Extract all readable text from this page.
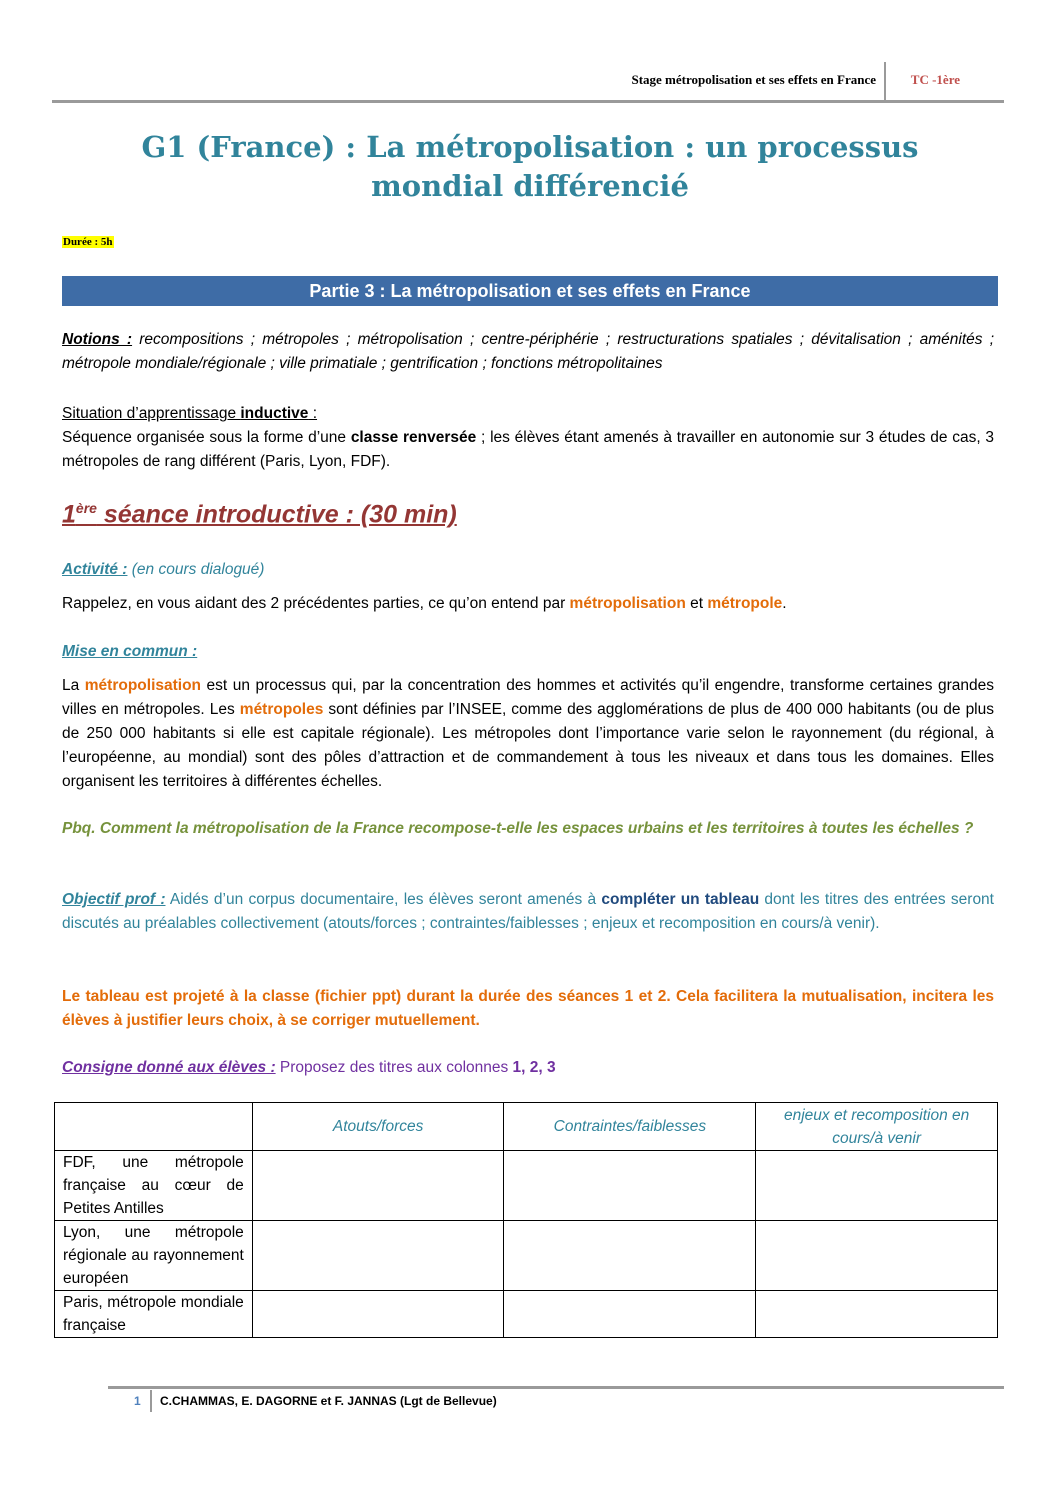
Stage métropolisation et ses effets en France	TC -1ère
G1 (France) : La métropolisation : un processus
mondial différencié
Durée : 5h
Partie 3 : La métropolisation et ses effets en France
Notions : recompositions ; métropoles ; métropolisation ; centre-périphérie ; restructurations spatiales ; dévitalisation ; aménités ; métropole mondiale/régionale ; ville primatiale ; gentrification ; fonctions métropolitaines
Situation d’apprentissage inductive :
Séquence organisée sous la forme d’une classe renversée ; les élèves étant amenés à travailler en autonomie sur 3 études de cas, 3 métropoles de rang différent (Paris, Lyon, FDF).
1ère séance introductive : (30 min)
Activité : (en cours dialogué)
Rappelez, en vous aidant des 2 précédentes parties, ce qu’on entend par métropolisation et métropole.
Mise en commun :
La métropolisation est un processus qui, par la concentration des hommes et activités qu’il engendre, transforme certaines grandes villes en métropoles. Les métropoles sont définies par l’INSEE, comme des agglomérations de plus de 400 000 habitants (ou de plus de 250 000 habitants si elle est capitale régionale). Les métropoles dont l’importance varie selon le rayonnement (du régional, à l’européenne, au mondial) sont des pôles d’attraction et de commandement à tous les niveaux et dans tous les domaines. Elles organisent les territoires à différentes échelles.
Pbq. Comment la métropolisation de la France recompose-t-elle les espaces urbains et les territoires à toutes les échelles ?
Objectif prof : Aidés d’un corpus documentaire, les élèves seront amenés à compléter un tableau dont les titres des entrées seront discutés au préalables collectivement (atouts/forces ; contraintes/faiblesses ; enjeux et recomposition en cours/à venir).
Le tableau est projeté à la classe (fichier ppt) durant la durée des séances 1 et 2. Cela facilitera la mutualisation, incitera les élèves à justifier leurs choix, à se corriger mutuellement.
Consigne donné aux élèves : Proposez des titres aux colonnes 1, 2, 3
	Atouts/forces	Contraintes/faiblesses	enjeux et recomposition en cours/à venir
FDF, une métropole française au cœur de Petites Antilles			
Lyon, une métropole régionale au rayonnement européen			
Paris, métropole mondiale française			
1 C.CHAMMAS, E. DAGORNE et F. JANNAS (Lgt de Bellevue)
